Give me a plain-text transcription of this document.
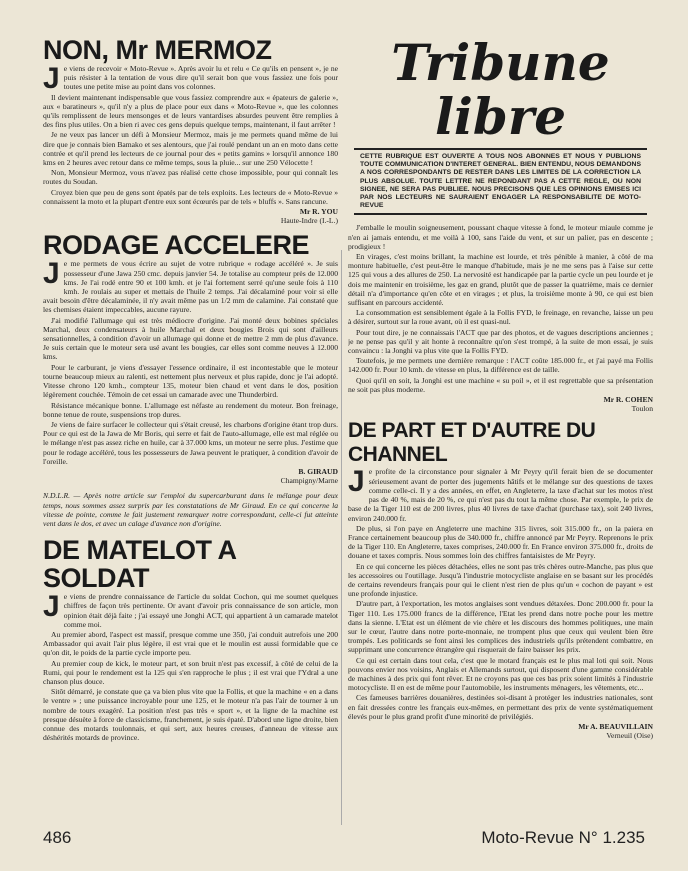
NON, Mr MERMOZ

Je viens de recevoir « Moto-Revue ». Après avoir lu et relu « Ce qu'ils en pensent », je ne puis résister à la tentation de vous dire qu'il serait bon que vous fassiez une fois pour toutes une petite mise au point dans vos colonnes.

Il devient maintenant indispensable que vous fassiez comprendre aux « épateurs de galerie », aux « baratineurs », qu'il n'y a plus de place pour eux dans « Moto-Revue », que les colonnes qu'ils remplissent de leurs mensonges et de leurs vantardises absurdes peuvent être remplies à des fins plus utiles. On a bien ri avec ces gens depuis quelque temps, maintenant, il faut arrêter !

Je ne veux pas lancer un défi à Monsieur Mermoz, mais je me permets quand même de lui dire que je connais bien Bamako et ses alentours, que j'ai roulé pendant un an en moto dans cette contrée et qu'il prend les lecteurs de ce journal pour des « petits gamins » lorsqu'il annonce 180 kms en 2 heures avec retour dans ce même temps, sous la pluie... sur une 250 Vélocette !

Non, Monsieur Mermoz, vous n'avez pas réalisé cette chose impossible, pour qui connaît les routes du Soudan.

Croyez bien que peu de gens sont épatés par de tels exploits. Les lecteurs de « Moto-Revue » connaissent la moto et la plupart d'entre eux sont écœurés par de tels « bluffs ». Sans rancune.

Mr R. YOU
Haute-Indre (I.-L.)
RODAGE ACCELERE

Je me permets de vous écrire au sujet de votre rubrique « rodage accéléré ». Je suis possesseur d'une Jawa 250 cmc. depuis janvier 54. Je totalise au compteur près de 12.000 kms. Je l'ai rodé entre 90 et 100 kmh. et je l'ai fortement serré qu'une seule fois à 110 kmh. Je roulais au super et mettais de l'huile 2 temps. J'ai décalaminé pour voir si elle avait besoin d'être décalaminée, il n'y avait même pas un 1/2 mm de calamine. J'ai constaté que les chemises étaient impeccables, aucune rayure.

J'ai modifié l'allumage qui est très médiocre d'origine. J'ai monté deux bobines spéciales Marchal, deux condensateurs à huile Marchal et deux bougies Brois qui sont d'ailleurs sensationnelles, à condition d'avoir un allumage qui donne et de mettre 2 mm de plus d'avance. Je suis certain que le moteur sera usé avant les bougies, car elles sont comme neuves à 12.000 kms.

Pour le carburant, je viens d'essayer l'essence ordinaire, il est incontestable que le moteur tourne beaucoup mieux au ralenti, est nettement plus nerveux et plus rapide, donc je l'ai adopté. Vitesse chrono 120 kmh., compteur 135, moteur bien chaud et vent dans le dos, position légèrement couchée. Témoin de cet essai un camarade avec une Thunderbird.

Résistance mécanique bonne. L'allumage est néfaste au rendement du moteur. Bon freinage, bonne tenue de route, suspensions trop dures.

Je viens de faire surfacer le collecteur qui s'était creusé, les charbons d'origine étant trop durs. Pour ce qui est de la Jawa de Mr Boris, qui serre et fait de l'auto-allumage, elle est mal réglée ou le mélange n'est pas assez riche en huile, car à 37.000 kms, un moteur ne serre plus. J'estime que pour le rodage accéléré, tous les possesseurs de Jawa peuvent le pratiquer, à condition d'avoir de l'oreille.

B. GIRAUD
Champigny/Marne

N.D.L.R. — Après notre article sur l'emploi du supercarburant dans le mélange pour deux temps, nous sommes assez surpris par les constatations de Mr Giraud. En ce qui concerne la vitesse de pointe, comme le fait justement remarquer notre correspondant, celle-ci fut atteinte vent dans le dos, et avec un calage d'avance non d'origine.

DE MATELOT A SOLDAT

Je viens de prendre connaissance de l'article du soldat Cochon, qui me soumet quelques chiffres de façon très pertinente. Or avant d'avoir pris connaissance de son article, mon opinion était déjà faite ; j'ai essayé une Jonghi ACT, qui appartient à un camarade matelot comme moi.

Au premier abord, l'aspect est massif, presque comme une 350, j'ai conduit autrefois une 200 Ambassador qui avait l'air plus légère, il est vrai que et le moulin est aussi formidable que ce qu'on dit, le poids de la partie cycle importe peu.

Au premier coup de kick, le moteur part, et son bruit n'est pas excessif, à côté de celui de la Rumi, qui pour le rendement est la 125 qui s'en rapproche le plus ; il est vrai que l'Ydral a une chanson plus douce.

Sitôt démarré, je constate que ça va bien plus vite que la Follis, et que la machine « en a dans le ventre » ; une puissance incroyable pour une 125, et le moteur n'a pas l'air de tourner à un nombre de tours exagéré. La position n'est pas très « sport », et la ligne de la machine est presque désuète à force de classicisme, franchement, je suis épaté. D'abord une ligne droite, bien connue des motards toulonnais, et qui sert, aux heures creuses, d'anneau de vitesse aux déshérités motards de province.

Tribune libre
CETTE RUBRIQUE EST OUVERTE A TOUS NOS ABONNES ET NOUS Y PUBLIONS TOUTE COMMUNICATION D'INTERET GENERAL. BIEN ENTENDU, NOUS DEMANDONS A NOS CORRESPONDANTS DE RESTER DANS LES LIMITES DE LA CORRECTION LA PLUS ABSOLUE. TOUTE LETTRE NE REPONDANT PAS A CETTE REGLE, OU NON SIGNEE, NE SERA PAS PUBLIEE. NOUS PRECISONS QUE LES OPINIONS EMISES ICI PAR NOS LECTEURS NE SAURAIENT ENGAGER LA RESPONSABILITE DE MOTO-REVUE

J'emballe le moulin soigneusement, poussant chaque vitesse à fond, le moteur miaule comme je n'en ai jamais entendu, et me voilà à 100, sans l'aide du vent, et sur un palier, pas en descente ; prodigieux !

En virages, c'est moins brillant, la machine est lourde, et très pénible à manier, à côté de ma monture habituelle, c'est peut-être le manque d'habitude, mais je ne me sens pas à l'aise sur cette 125 qui vous a des allures de 250. La nervosité est handicapée par la partie cycle un peu lourde et je dois me maintenir en troisième, les gaz en grand, plutôt que de passer la quatrième, mais ce dernier détail n'a d'importance qu'en côte et en virages ; et plus, la troisième monte à 90, ce qui est bien suffisant en parcours accidenté.

La consommation est sensiblement égale à la Follis FYD, le freinage, en revanche, laisse un peu à désirer, surtout sur la roue avant, où il est quasi-nul.

Pour tout dire, je ne connaissais l'ACT que par des photos, et de vagues descriptions anciennes ; je ne pense pas qu'il y ait honte à reconnaître qu'on s'est trompé, à la suite de mon essai, je suis convaincu : la Jonghi va plus vite que la Follis FYD.

Toutefois, je me permets une dernière remarque : l'ACT coûte 185.000 fr., et j'ai payé ma Follis 142.000 fr. Pour 10 kmh. de vitesse en plus, la différence est de taille.

Quoi qu'il en soit, la Jonghi est une machine « su poil », et il est regrettable que sa présentation ne soit pas plus moderne.

Mr R. COHEN
Toulon
DE PART ET D'AUTRE DU CHANNEL

Je profite de la circonstance pour signaler à Mr Peyry qu'il ferait bien de se documenter sérieusement avant de porter des jugements hâtifs et le mélange sur des questions de taxes comme celle-ci. Il y a des années, en effet, en Angleterre, la taxe d'achat sur les motos n'est pas de 40 %, mais de 20 %, ce qui n'est pas du tout la même chose. Par exemple, le prix de base de la Tiger 110 est de 200 livres, plus 40 livres de taxe d'achat (purchase tax), soit 240 livres, environ 240.000 fr.

De plus, si l'on paye en Angleterre une machine 315 livres, soit 315.000 fr., on la paiera en France certainement beaucoup plus de 340.000 fr., chiffre annoncé par Mr Peyry. Reprenons le prix de la Tiger 110. En Angleterre, taxes comprises, 240.000 fr. En France environ 375.000 fr., droits de douane et taxes compris. Nous sommes loin des chiffres fantaisistes de Mr Peyry.

En ce qui concerne les pièces détachées, elles ne sont pas très chères outre-Manche, pas plus que les accessoires ou l'outillage. Jusqu'à l'industrie motocycliste anglaise en se basant sur les procédés de certains revendeurs français pour qui le client n'est rien de plus qu'un « cochon de payant » est une profonde injustice.

D'autre part, à l'exportation, les motos anglaises sont vendues détaxées. Donc 200.000 fr. pour la Tiger 110. Les 175.000 francs de la différence, l'Etat les prend dans notre poche pour les mettre dans la sienne. L'Etat est un élément de vie chère et les discours des hommes politiques, une main sur le cœur, l'autre dans notre porte-monnaie, ne trompent plus que ceux qui veulent bien être trompés. Les politicards se font ainsi les complices des industriels qu'ils prétendent combattre, en supprimant une concurrence étrangère qui risquerait de faire baisser les prix.

Ce qui est certain dans tout cela, c'est que le motard français est le plus mal loti qui soit. Nous pouvons envier nos voisins, Anglais et Allemands surtout, qui disposent d'une gamme considérable de machines à des prix qui font rêver. Et ne croyons pas que ces bas prix soient limités à l'industrie motocycliste. Il en est de même pour l'automobile, les instruments ménagers, les vêtements, etc...

Ces fameuses barrières douanières, destinées soi-disant à protéger les industries nationales, sont en fait dressées contre les français eux-mêmes, en permettant des prix de vente systématiquement élevés pour le plus grand profit d'une minorité de privilégiés.

Mr A. BEAUVILLAIN
Verneuil (Oise)
486	Moto-Revue N° 1.235
